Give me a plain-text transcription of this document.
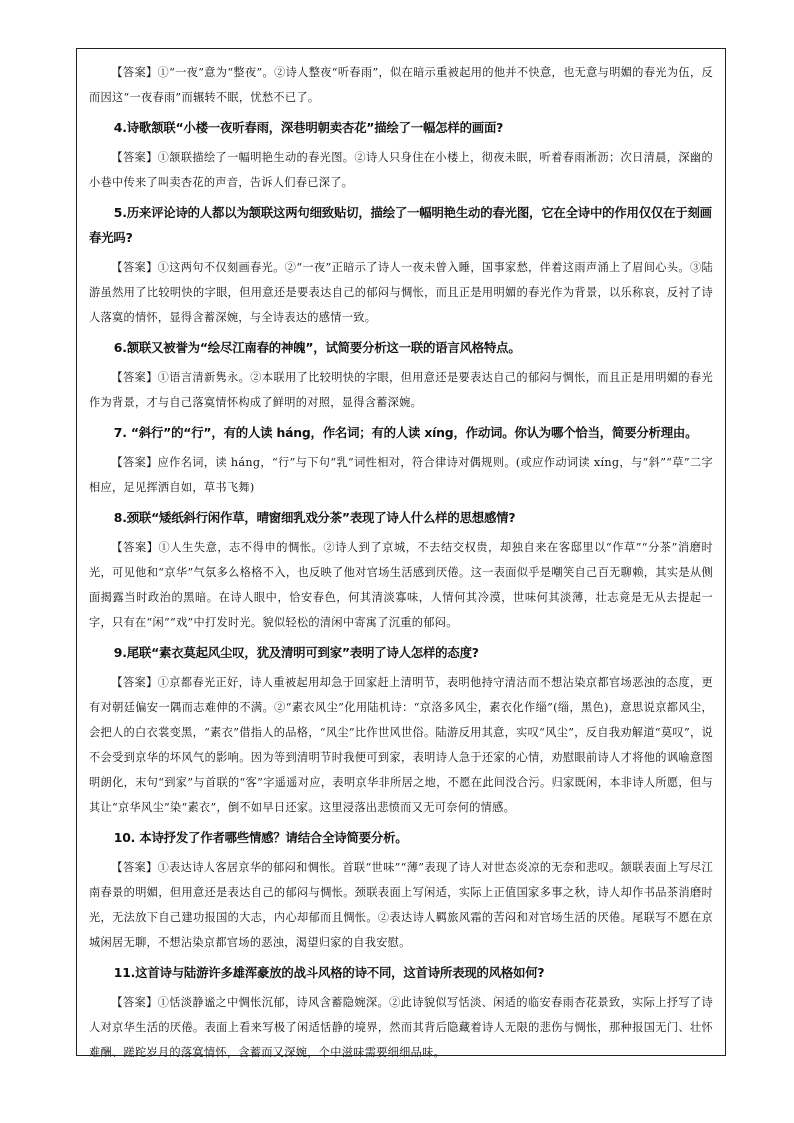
【答案】①“一夜”意为“整夜”。②诗人整夜“听春雨”，似在暗示重被起用的他并不快意，也无意与明媚的春光为伍，反而因这“一夜春雨”而辗转不眠，忧愁不已了。

4.诗歌颔联“小楼一夜听春雨，深巷明朝卖杏花”描绘了一幅怎样的画面?

【答案】①颔联描绘了一幅明艳生动的春光图。②诗人只身住在小楼上，彻夜未眠，听着春雨淅沥；次日清晨，深幽的小巷中传来了叫卖杏花的声音，告诉人们春已深了。

5.历来评论诗的人都以为颔联这两句细致贴切，描绘了一幅明艳生动的春光图，它在全诗中的作用仅仅在于刻画春光吗?

【答案】①这两句不仅刻画春光。②“一夜”正暗示了诗人一夜未曾入睡，国事家愁，伴着这雨声涌上了眉间心头。③陆游虽然用了比较明快的字眼，但用意还是要表达自己的郁闷与惆怅，而且正是用明媚的春光作为背景，以乐称哀，反衬了诗人落寞的情怀，显得含蓄深婉，与全诗表达的感情一致。

6.颔联又被誉为“绘尽江南春的神魄”，试简要分析这一联的语言风格特点。

【答案】①语言清新隽永。②本联用了比较明快的字眼，但用意还是要表达自己的郁闷与惆怅，而且正是用明媚的春光作为背景，才与自己落寞情怀构成了鲜明的对照，显得含蓄深婉。

7. “斜行”的“行”，有的人读 háng，作名词；有的人读 xíng，作动词。你认为哪个恰当，简要分析理由。

【答案】应作名词，读 háng，“行”与下句“乳”词性相对，符合律诗对偶规则。(或应作动词读 xíng，与“斜”“草”二字相应，足见挥洒自如，草书飞舞)

8.颈联“矮纸斜行闲作草，晴窗细乳戏分茶”表现了诗人什么样的思想感情?

【答案】①人生失意，志不得申的惆怅。②诗人到了京城，不去结交权贵，却独自来在客邸里以“作草”“分茶”消磨时光，可见他和“京华”气氛多么格格不入，也反映了他对官场生活感到厌倦。这一表面似乎是嘲笑自己百无聊赖，其实是从侧面揭露当时政治的黑暗。在诗人眼中，恰安春色，何其清淡寡味，人情何其冷漠，世味何其淡薄，壮志竟是无从去提起一字，只有在“闲”“戏”中打发时光。貌似轻松的清闲中寄寓了沉重的郁闷。

9.尾联“素衣莫起风尘叹，犹及清明可到家”表明了诗人怎样的态度?

【答案】①京都春光正好，诗人重被起用却急于回家赶上清明节，表明他持守清洁而不想沾染京都官场恶浊的态度，更有对朝廷偏安一隅而志难伸的不满。②“素衣风尘”化用陆机诗：“京洛多风尘，素衣化作缁”(缁，黑色)，意思说京都风尘，会把人的白衣裳变黑，“素衣”借指人的品格，“风尘”比作世风世俗。陆游反用其意，实叹“风尘”，反自我劝解道“莫叹”，说不会受到京华的坏风气的影响。因为等到清明节时我便可到家，表明诗人急于还家的心情，劝慰眼前诗人才将他的讽喻意图明朗化，末句“到家”与首联的“客”字遥遥对应，表明京华非所居之地，不愿在此间没合污。归家既闲，本非诗人所愿，但与其让“京华风尘”染“素衣”，倒不如早日还家。这里浸落出悲愤而又无可奈何的情感。

10. 本诗抒发了作者哪些情感？请结合全诗简要分析。

【答案】①表达诗人客居京华的郁闷和惆怅。首联“世味”“薄”表现了诗人对世态炎凉的无奈和悲叹。颔联表面上写尽江南春景的明媚，但用意还是表达自己的郁闷与惆怅。颈联表面上写闲适，实际上正值国家多事之秋，诗人却作书品茶消磨时光，无法放下自己建功报国的大志，内心却郁而且惆怅。②表达诗人羁旅风霜的苦闷和对官场生活的厌倦。尾联写不愿在京城闲居无聊，不想沾染京都官场的恶浊，渴望归家的自我安慰。

11.这首诗与陆游许多雄浑豪放的战斗风格的诗不同，这首诗所表现的风格如何?

【答案】①恬淡静谧之中惆怅沉郁，诗风含蓄隐婉深。②此诗貌似写恬淡、闲适的临安春雨杏花景致，实际上抒写了诗人对京华生活的厌倦。表面上看来写极了闲适恬静的境界，然而其背后隐藏着诗人无限的悲伤与惆怅，那种报国无门、壮怀难酬、蹉跎岁月的落寞情怀，含蓄而又深婉，个中滋味需要细细品味。
